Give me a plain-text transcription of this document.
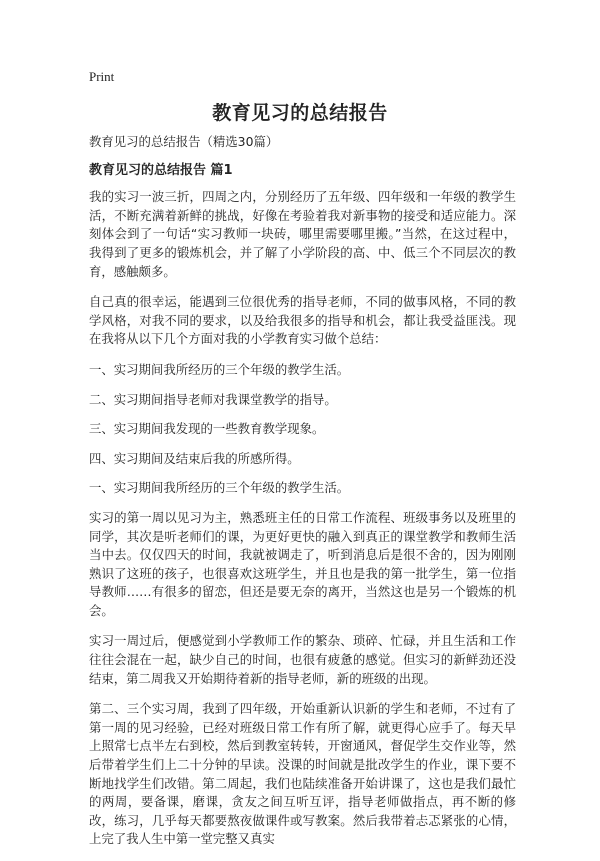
Print
教育见习的总结报告

教育见习的总结报告（精选30篇）

教育见习的总结报告 篇1

我的实习一波三折，四周之内，分别经历了五年级、四年级和一年级的教学生活，不断充满着新鲜的挑战，好像在考验着我对新事物的接受和适应能力。深刻体会到了一句话“实习教师一块砖，哪里需要哪里搬。”当然，在这过程中，我得到了更多的锻炼机会，并了解了小学阶段的高、中、低三个不同层次的教育，感触颇多。

自己真的很幸运，能遇到三位很优秀的指导老师，不同的做事风格，不同的教学风格，对我不同的要求，以及给我很多的指导和机会，都让我受益匪浅。现在我将从以下几个方面对我的小学教育实习做个总结：

一、实习期间我所经历的三个年级的教学生活。

二、实习期间指导老师对我课堂教学的指导。

三、实习期间我发现的一些教育教学现象。

四、实习期间及结束后我的所感所得。

一、实习期间我所经历的三个年级的教学生活。

实习的第一周以见习为主，熟悉班主任的日常工作流程、班级事务以及班里的同学，其次是听老师们的课，为更好更快的融入到真正的课堂教学和教师生活当中去。仅仅四天的时间，我就被调走了，听到消息后是很不舍的，因为刚刚熟识了这班的孩子，也很喜欢这班学生，并且也是我的第一批学生，第一位指导教师……有很多的留恋，但还是要无奈的离开，当然这也是另一个锻炼的机会。

实习一周过后，便感觉到小学教师工作的繁杂、琐碎、忙碌，并且生活和工作往往会混在一起，缺少自己的时间，也很有疲惫的感觉。但实习的新鲜劲还没结束，第二周我又开始期待着新的指导老师，新的班级的出现。

第二、三个实习周，我到了四年级，开始重新认识新的学生和老师，不过有了第一周的见习经验，已经对班级日常工作有所了解，就更得心应手了。每天早上照常七点半左右到校，然后到教室转转，开窗通风，督促学生交作业等，然后带着学生们上二十分钟的早读。没课的时间就是批改学生的作业，课下要不断地找学生们改错。第二周起，我们也陆续准备开始讲课了，这也是我们最忙的两周，要备课，磨课，贪友之间互听互评，指导老师做指点，再不断的修改，练习，几乎每天都要熬夜做课件或写教案。然后我带着忐忑紧张的心情，上完了我人生中第一堂完整又真实
